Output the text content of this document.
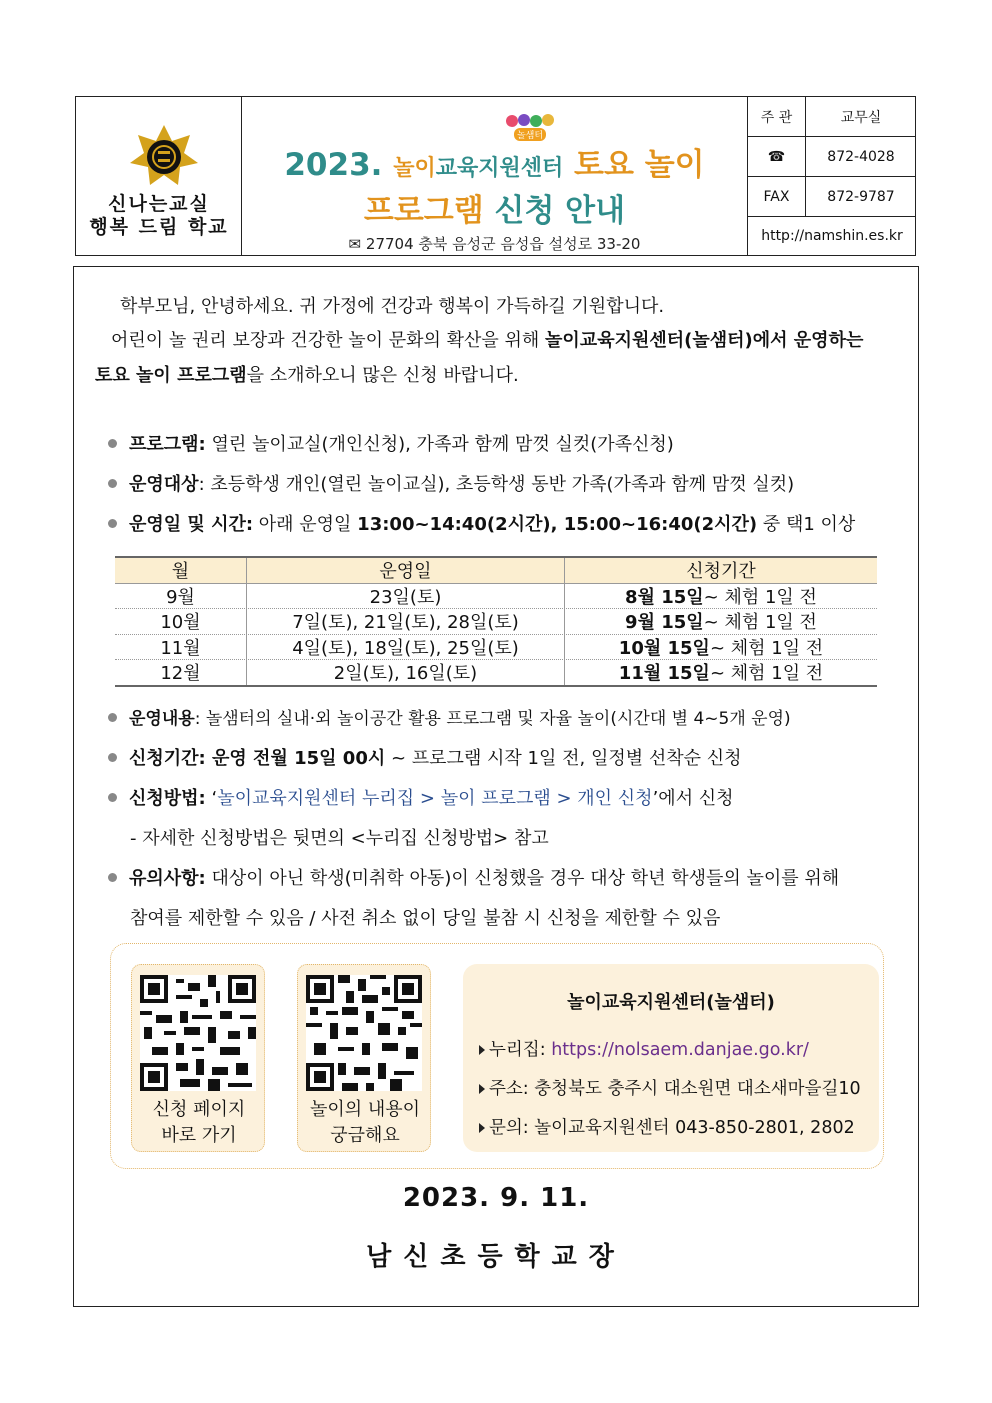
신나는교실
행복 드림 학교
놀샘터
2023. 놀이교육지원센터 토요 놀이
프로그램 신청 안내
✉ 27704 충북 음성군 음성읍 설성로 33-20
주 관	교무실
☎	872-4028
FAX	872-9787
http://namshin.es.kr
학부모님, 안녕하세요. 귀 가정에 건강과 행복이 가득하길 기원합니다.
어린이 놀 권리 보장과 건강한 놀이 문화의 확산을 위해 놀이교육지원센터(놀샘터)에서 운영하는
토요 놀이 프로그램을 소개하오니 많은 신청 바랍니다.
프로그램: 열린 놀이교실(개인신청), 가족과 함께 맘껏 실컷(가족신청)
운영대상: 초등학생 개인(열린 놀이교실), 초등학생 동반 가족(가족과 함께 맘껏 실컷)
운영일 및 시간: 아래 운영일 13:00~14:40(2시간), 15:00~16:40(2시간) 중 택1 이상
월	운영일	신청기간
9월	23일(토)	8월 15일 ~ 체험 1일 전
10월	7일(토), 21일(토), 28일(토)	9월 15일 ~ 체험 1일 전
11월	4일(토), 18일(토), 25일(토)	10월 15일 ~ 체험 1일 전
12월	2일(토), 16일(토)	11월 15일 ~ 체험 1일 전
운영내용: 놀샘터의 실내·외 놀이공간 활용 프로그램 및 자율 놀이(시간대 별 4~5개 운영)
신청기간: 운영 전월 15일 00시 ~ 프로그램 시작 1일 전, 일정별 선착순 신청
신청방법: ‘놀이교육지원센터 누리집 > 놀이 프로그램 > 개인 신청’에서 신청
- 자세한 신청방법은 뒷면의 <누리집 신청방법> 참고
유의사항: 대상이 아닌 학생(미취학 아동)이 신청했을 경우 대상 학년 학생들의 놀이를 위해
참여를 제한할 수 있음 / 사전 취소 없이 당일 불참 시 신청을 제한할 수 있음
신청 페이지
바로 가기
놀이의 내용이
궁금해요
놀이교육지원센터(놀샘터)
누리집: https://nolsaem.danjae.go.kr/
주소: 충청북도 충주시 대소원면 대소새마을길10
문의: 놀이교육지원센터 043-850-2801, 2802
2023. 9. 11.
남신초등학교장
